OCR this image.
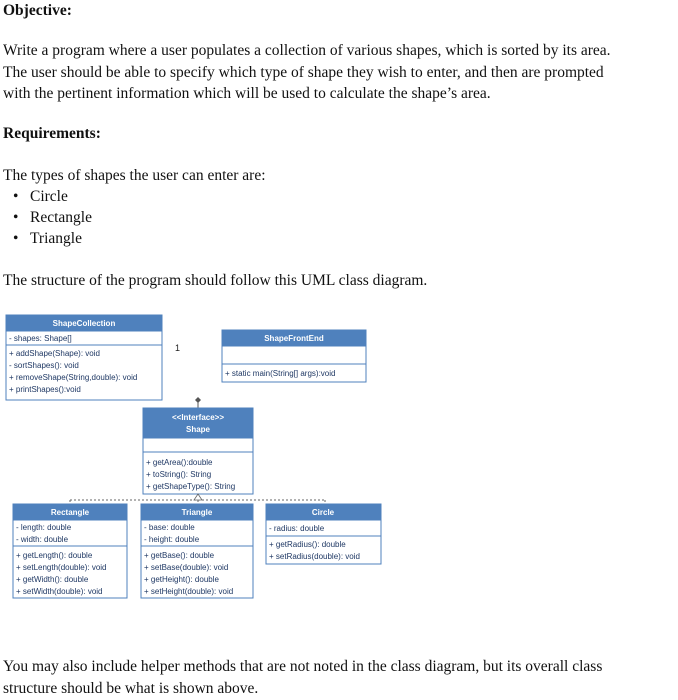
Objective:
Write a program where a user populates a collection of various shapes, which is sorted by its area.
The user should be able to specify which type of shape they wish to enter, and then are prompted
with the pertinent information which will be used to calculate the shape’s area.
Requirements:
The types of shapes the user can enter are:
• Circle
• Rectangle
• Triangle
The structure of the program should follow this UML class diagram.
ShapeCollection
- shapes: Shape[]
+ addShape(Shape): void
- sortShapes(): void
+ removeShape(String,double): void
+ printShapes():void
1
ShapeFrontEnd
+ static main(String[] args):void
<<Interface>>
Shape
+ getArea():double
+ toString(): String
+ getShapeType(): String
Rectangle
- length: double
- width: double
+ getLength(): double
+ setLength(double): void
+ getWidth(): double
+ setWidth(double): void
Triangle
- base: double
- height: double
+ getBase(): double
+ setBase(double): void
+ getHeight(): double
+ setHeight(double): void
Circle
- radius: double
+ getRadius(): double
+ setRadius(double): void
You may also include helper methods that are not noted in the class diagram, but its overall class
structure should be what is shown above.
